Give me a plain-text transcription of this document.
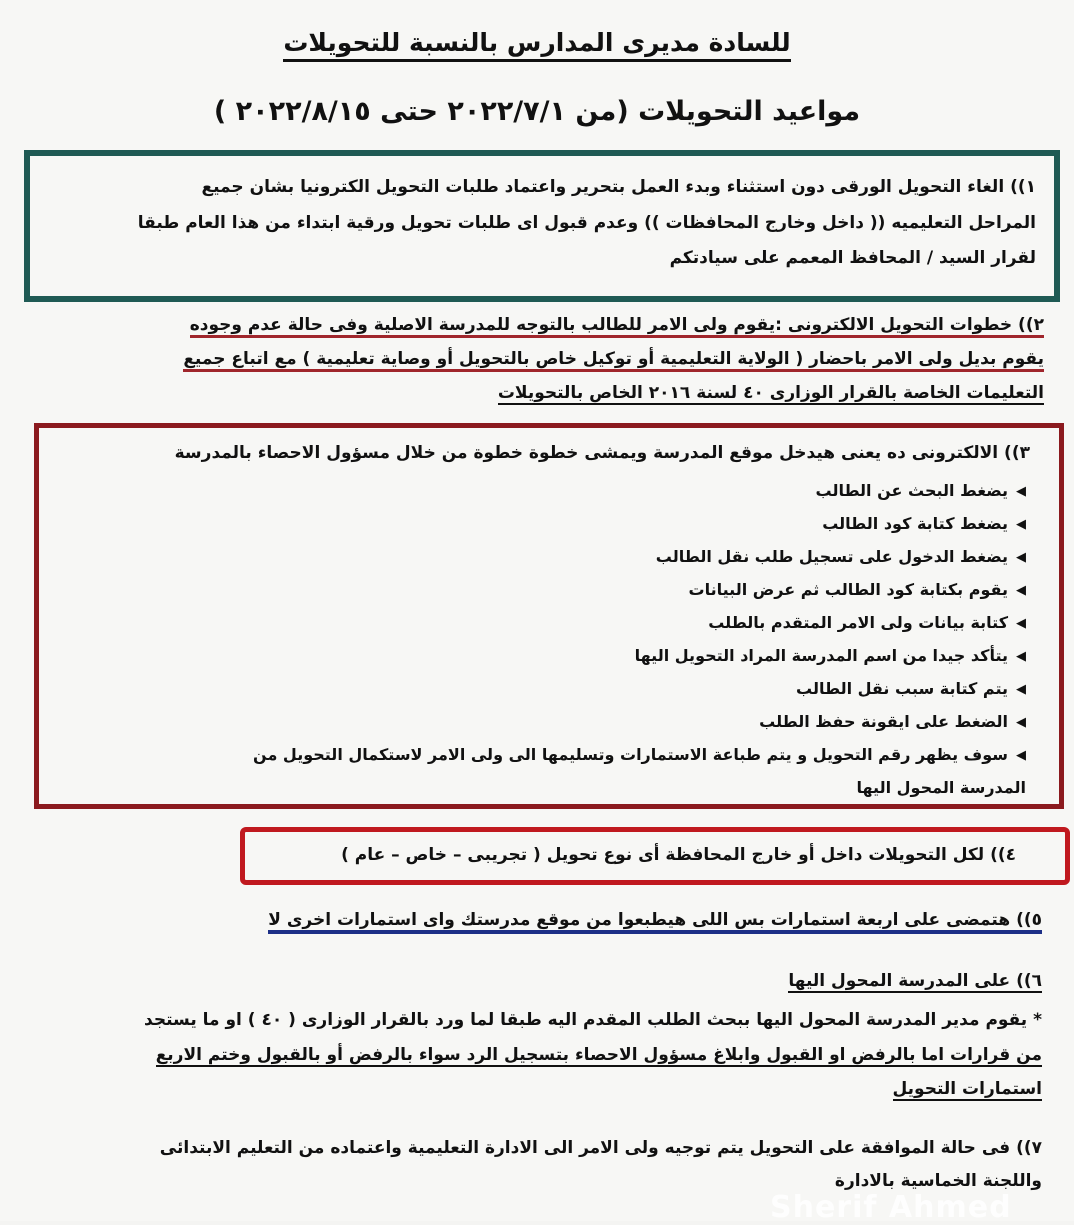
للسادة مديرى المدارس بالنسبة للتحويلات
مواعيد التحويلات (من ٢٠٢٢/٧/١ حتى ٢٠٢٢/٨/١٥ )
١)) الغاء التحويل الورقى دون استثناء وبدء العمل بتحرير واعتماد طلبات التحويل الكترونيا بشان جميع
المراحل التعليميه (( داخل وخارج المحافظات )) وعدم قبول اى طلبات تحويل ورقية ابتداء من هذا العام طبقا
لقرار السيد / المحافظ المعمم على سيادتكم
٢)) خطوات التحويل الالكترونى :يقوم ولى الامر للطالب بالتوجه للمدرسة الاصلية وفى حالة عدم وجوده
يقوم بديل ولى الامر باحضار ( الولاية التعليمية أو توكيل خاص بالتحويل أو وصاية تعليمية ) مع اتباع جميع
التعليمات الخاصة بالقرار الوزارى ٤٠ لسنة ٢٠١٦ الخاص بالتحويلات
٣)) الالكترونى ده يعنى هيدخل موقع المدرسة ويمشى خطوة خطوة من خلال مسؤول الاحصاء بالمدرسة
◀يضغط البحث عن الطالب
◀يضغط كتابة كود الطالب
◀يضغط الدخول على تسجيل طلب نقل الطالب
◀يقوم بكتابة كود الطالب ثم عرض البيانات
◀كتابة بيانات ولى الامر المتقدم بالطلب
◀يتأكد جيدا من اسم المدرسة المراد التحويل اليها
◀يتم كتابة سبب نقل الطالب
◀الضغط على ايقونة حفظ الطلب
◀سوف يظهر رقم التحويل و يتم طباعة الاستمارات وتسليمها الى ولى الامر لاستكمال التحويل من
المدرسة المحول اليها
٤)) لكل التحويلات داخل أو خارج المحافظة أى نوع تحويل ( تجريبى – خاص – عام )
٥)) هتمضى على اربعة استمارات بس اللى هيطبعوا من موقع مدرستك واى استمارات اخرى لا
٦)) على المدرسة المحول اليها
* يقوم مدير المدرسة المحول اليها ببحث الطلب المقدم اليه طبقا لما ورد بالقرار الوزارى ( ٤٠ ) او ما يستجد
من قرارات اما بالرفض او القبول وابلاغ مسؤول الاحصاء بتسجيل الرد سواء بالرفض أو بالقبول وختم الاربع
استمارات التحويل
٧)) فى حالة الموافقة على التحويل يتم توجيه ولى الامر الى الادارة التعليمية واعتماده من التعليم الابتدائى
واللجنة الخماسية بالادارة
Sherif Ahmed
